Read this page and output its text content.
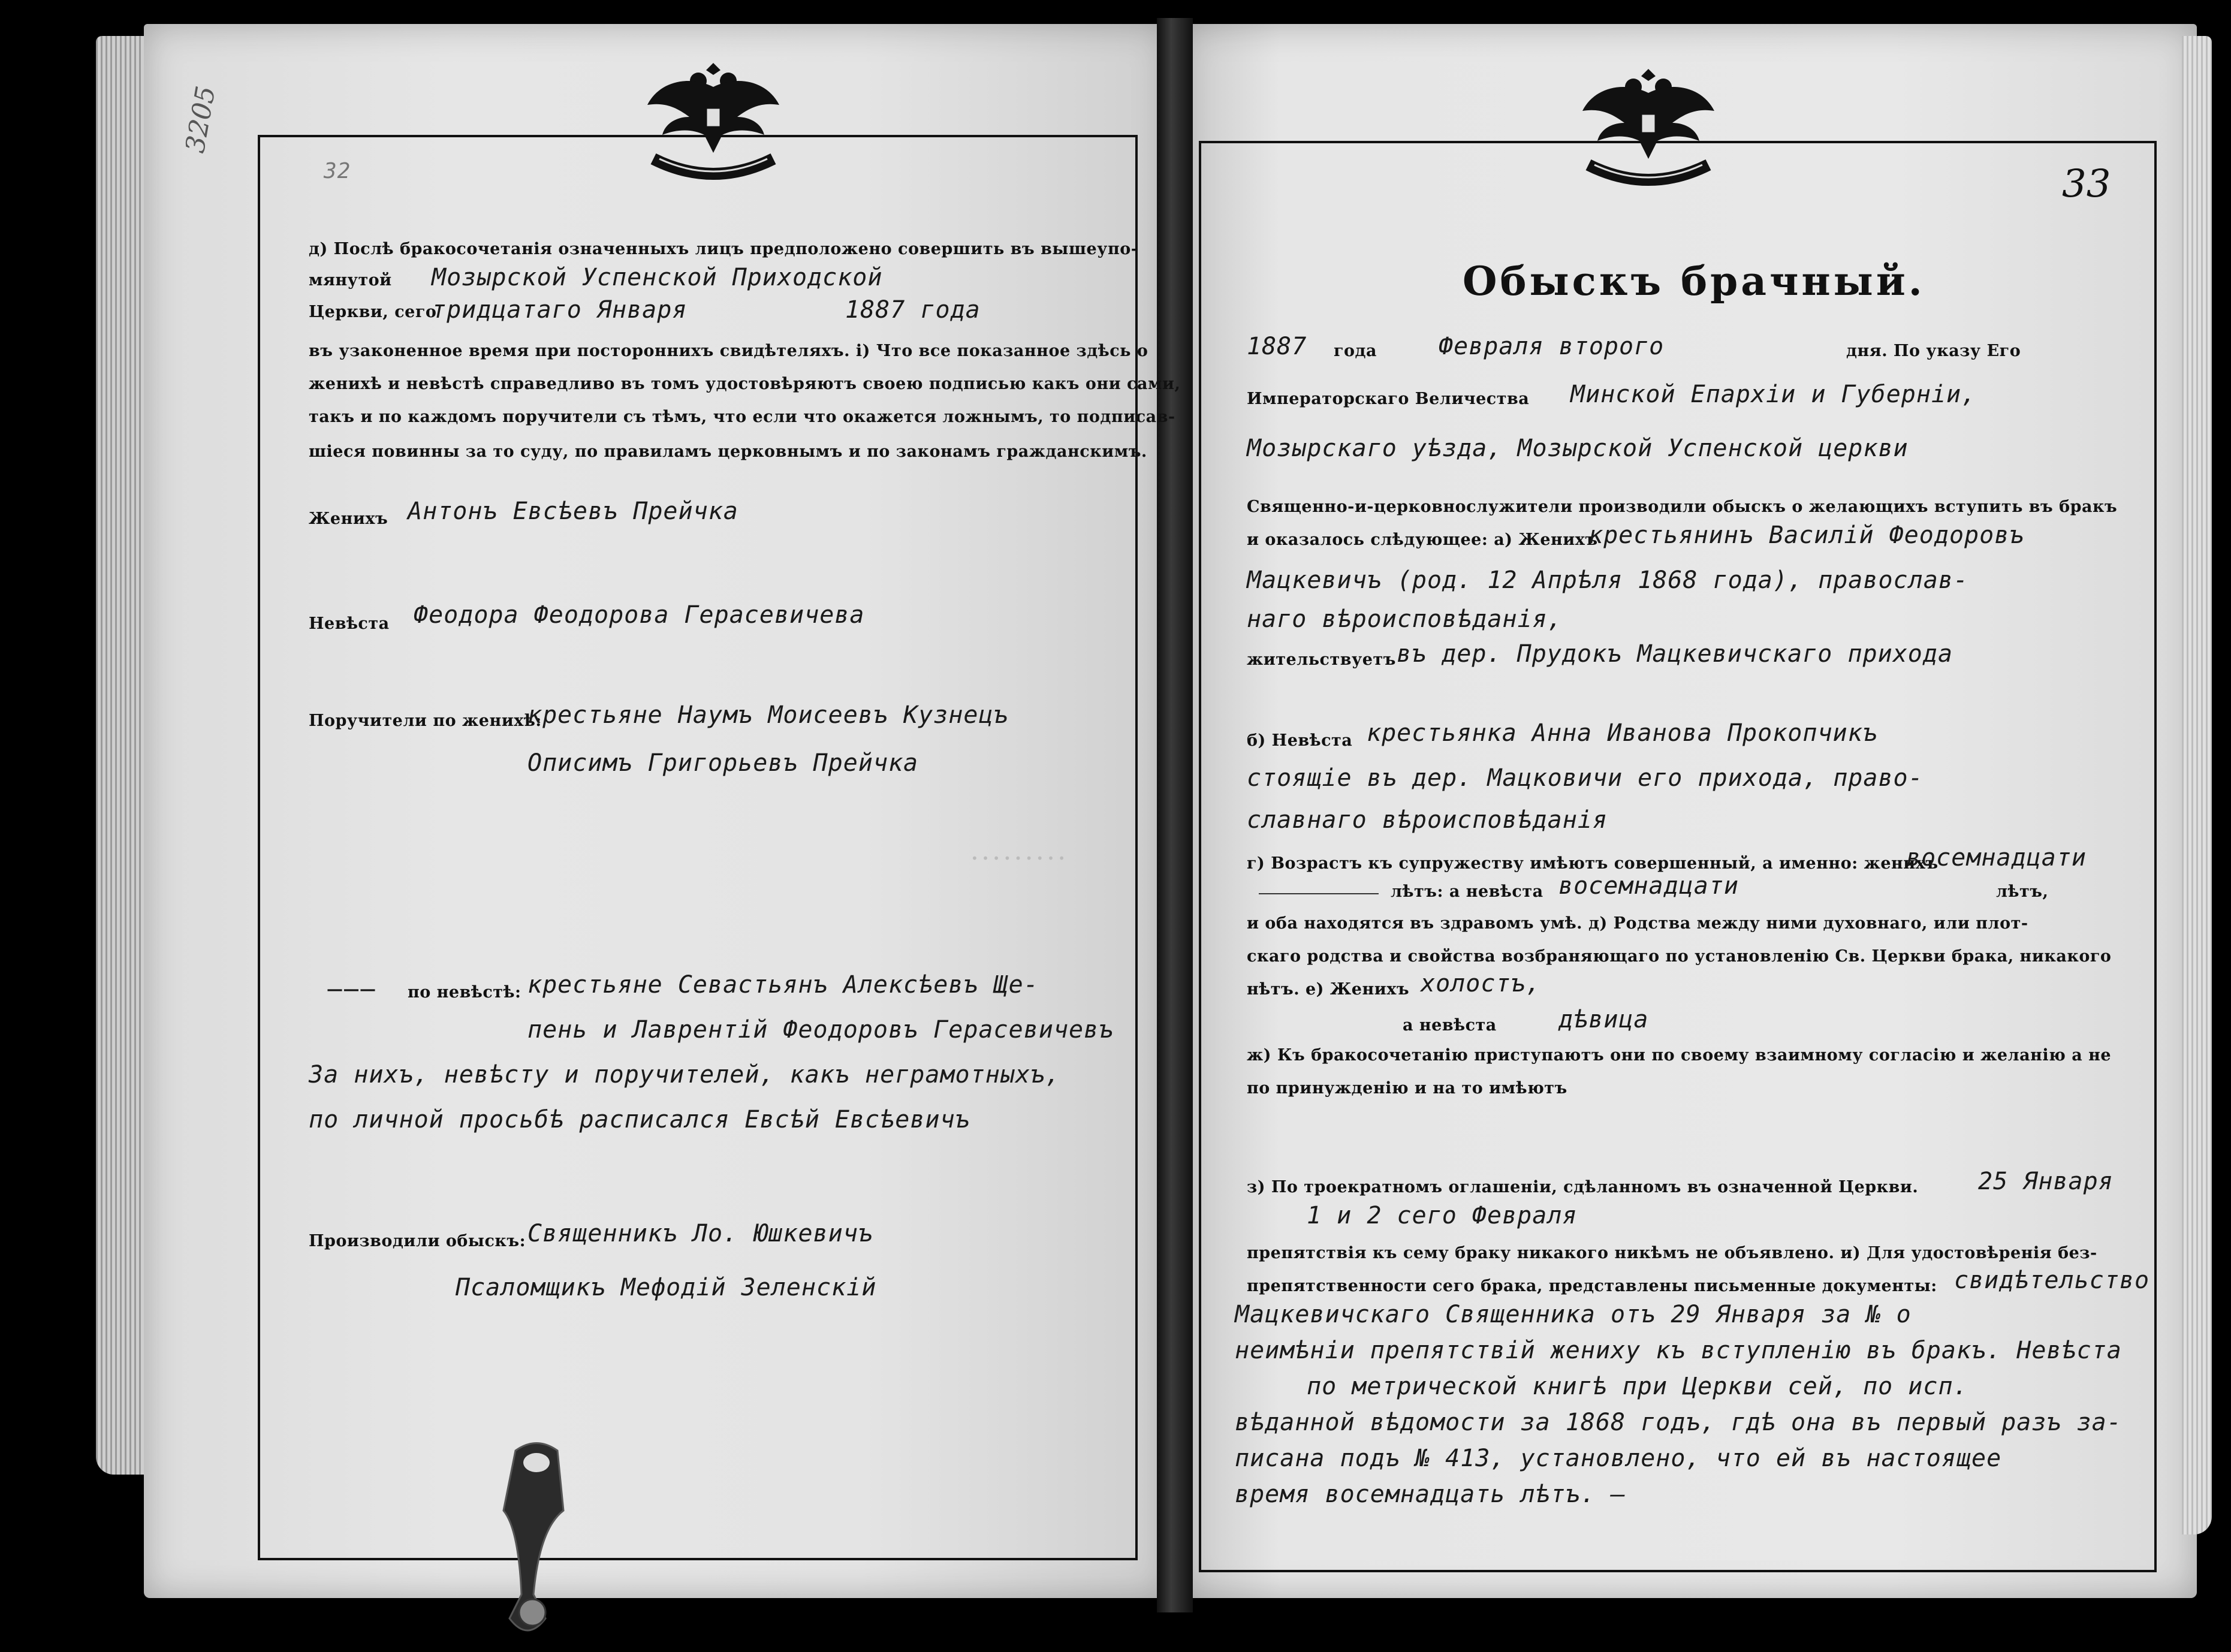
3205
32
д) Послѣ бракосочетанія означенныхъ лицъ предположено совершить въ вышеупо-
мянутой Мозырской Успенской Приходской
Церкви, сего
тридцатаго Января	1887 года
въ узаконенное время при постороннихъ свидѣтеляхъ. і) Что все показанное здѣсь о
женихѣ и невѣстѣ справедливо въ томъ удостовѣряютъ своею подписью какъ они сами,
такъ и по каждомъ поручители съ тѣмъ, что если что окажется ложнымъ, то подписав-
шіеся повинны за то суду, по правиламъ церковнымъ и по законамъ гражданскимъ.
Женихъ Антонъ Евсѣевъ Прейчка
Невѣста Феодора Феодорова Герасевичева
Поручители по женихѣ:
крестьяне Наумъ Моисеевъ Кузнецъ
Описимъ Григорьевъ Прейчка
——— по невѣстѣ: крестьяне Севастьянъ Алексѣевъ Ще-
пень и Лаврентій Феодоровъ Герасевичевъ
За нихъ, невѣсту и поручителей, какъ неграмотныхъ,
по личной просьбѣ расписался Евсѣй Евсѣевичъ
Производили обыскъ: Священникъ Ло. Юшкевичъ
Псаломщикъ Мефодій Зеленскій
• • • • • • • • •
33
Обыскъ брачный.
1887 года	Февраля второго	дня. По указу Его
Императорскаго Величества Минской Епархіи и Губерніи,
Мозырскаго уѣзда, Мозырской Успенской церкви
Священно-и-церковнослужители производили обыскъ о желающихъ вступить въ бракъ
и оказалось слѣдующее: а) Женихъ
крестьянинъ Василій Феодоровъ
Мацкевичъ (род. 12 Апрѣля 1868 года), православ-
наго вѣроисповѣданія,
жительствуетъ въ дер. Прудокъ Мацкевичскаго прихода
б) Невѣста крестьянка Анна Иванова Прокопчикъ
стоящіе въ дер. Мацковичи его прихода, право-
славнаго вѣроисповѣданія
г) Возрастъ къ супружеству имѣютъ совершенный, а именно: женихъ
восемнадцати
лѣтъ: а невѣста восемнадцати	лѣтъ,
и оба находятся въ здравомъ умѣ. д) Родства между ними духовнаго, или плот-
скаго родства и свойства возбраняющаго по установленію Св. Церкви брака, никакого
нѣтъ. е) Женихъ холостъ,
а невѣста	дѣвица
ж) Къ бракосочетанію приступаютъ они по своему взаимному согласію и желанію а не
по принужденію и на то имѣютъ
з) По троекратномъ оглашеніи, сдѣланномъ въ означенной Церкви. 25 Января
1 и 2 сего Февраля
препятствія къ сему браку никакого никѣмъ не объявлено. и) Для удостовѣренія без-
препятственности сего брака, представлены письменные документы: свидѣтельство
Мацкевичскаго Священника отъ 29 Января за № о
неимѣніи препятствій жениху къ вступленію въ бракъ. Невѣста
по метрической книгѣ при Церкви сей, по исп.
вѣданной вѣдомости за 1868 годъ, гдѣ она въ первый разъ за-
писана подъ № 413, установлено, что ей въ настоящее
время восемнадцать лѣтъ. —
